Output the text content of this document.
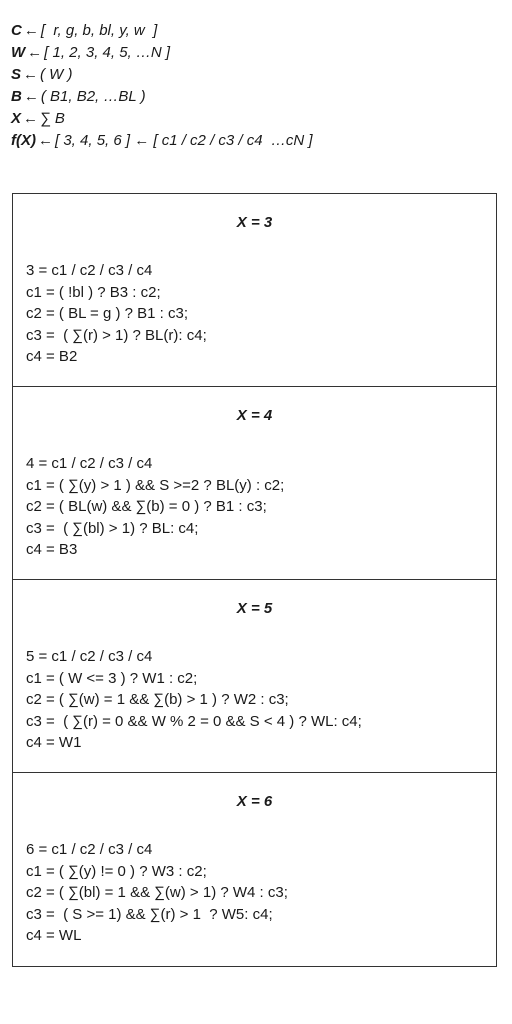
C ← [  r, g, b, bl, y, w  ]
W ← [ 1, 2, 3, 4, 5, …N ]
S ← ( W )
B ← ( B1, B2, …BL )
X ← ∑ B
f(X) ← [ 3, 4, 5, 6 ] ← [ c1 / c2 / c3 / c4  …cN ]
X = 3
3 = c1 / c2 / c3 / c4
c1 = ( !bl ) ? B3 : c2;
c2 = ( BL = g ) ? B1 : c3;
c3 =  ( ∑(r) > 1) ? BL(r): c4;
c4 = B2
X = 4
4 = c1 / c2 / c3 / c4
c1 = ( ∑(y) > 1 ) && S >=2 ? BL(y) : c2;
c2 = ( BL(w) && ∑(b) = 0 ) ? B1 : c3;
c3 =  ( ∑(bl) > 1) ? BL: c4;
c4 = B3
X = 5
5 = c1 / c2 / c3 / c4
c1 = ( W <= 3 ) ? W1 : c2;
c2 = ( ∑(w) = 1 && ∑(b) > 1 ) ? W2 : c3;
c3 =  ( ∑(r) = 0 && W % 2 = 0 && S < 4 ) ? WL: c4;
c4 = W1
X = 6
6 = c1 / c2 / c3 / c4
c1 = ( ∑(y) != 0 ) ? W3 : c2;
c2 = ( ∑(bl) = 1 && ∑(w) > 1) ? W4 : c3;
c3 =  ( S >= 1) && ∑(r) > 1  ? W5: c4;
c4 = WL
